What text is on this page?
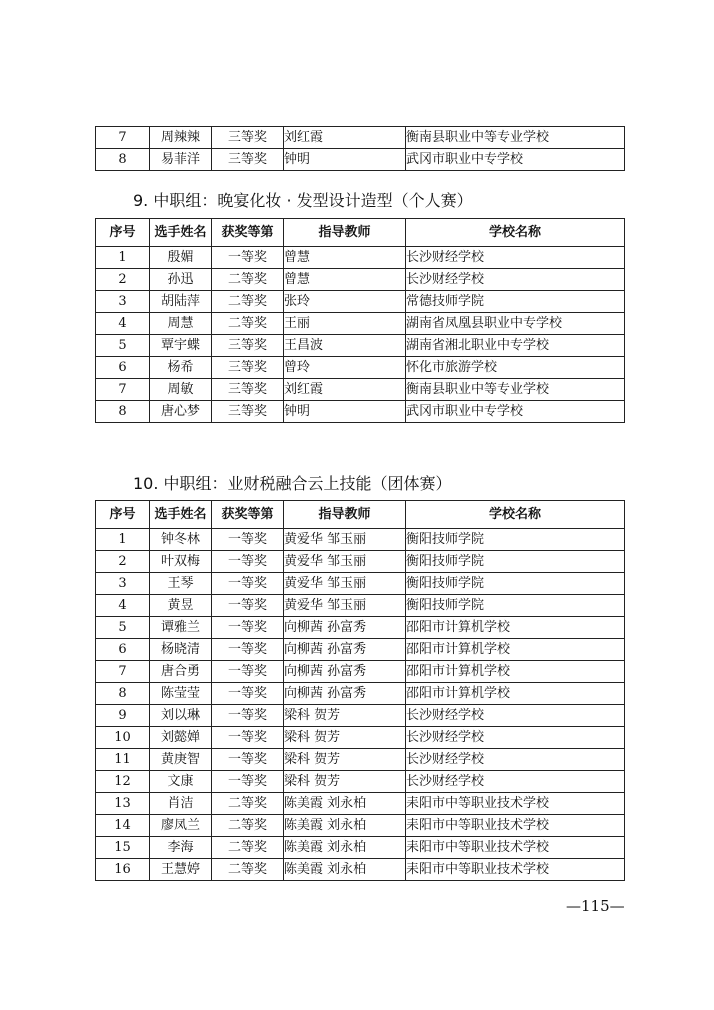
7	周辣辣	三等奖	刘红霞	衡南县职业中等专业学校
8	易菲洋	三等奖	钟明	武冈市职业中专学校
9. 中职组：晚宴化妆 · 发型设计造型（个人赛）
序号	选手姓名	获奖等第	指导教师	学校名称
1	殷媚	一等奖	曾慧	长沙财经学校
2	孙迅	二等奖	曾慧	长沙财经学校
3	胡陆萍	二等奖	张玲	常德技师学院
4	周慧	二等奖	王丽	湖南省凤凰县职业中专学校
5	覃宇蝶	三等奖	王昌波	湖南省湘北职业中专学校
6	杨希	三等奖	曾玲	怀化市旅游学校
7	周敏	三等奖	刘红霞	衡南县职业中等专业学校
8	唐心梦	三等奖	钟明	武冈市职业中专学校
10. 中职组：业财税融合云上技能（团体赛）
序号	选手姓名	获奖等第	指导教师	学校名称
1	钟冬林	一等奖	黄爱华 邹玉丽	衡阳技师学院
2	叶双梅	一等奖	黄爱华 邹玉丽	衡阳技师学院
3	王琴	一等奖	黄爱华 邹玉丽	衡阳技师学院
4	黄昱	一等奖	黄爱华 邹玉丽	衡阳技师学院
5	谭雅兰	一等奖	向柳茜 孙富秀	邵阳市计算机学校
6	杨晓清	一等奖	向柳茜 孙富秀	邵阳市计算机学校
7	唐合勇	一等奖	向柳茜 孙富秀	邵阳市计算机学校
8	陈莹莹	一等奖	向柳茜 孙富秀	邵阳市计算机学校
9	刘以琳	一等奖	梁科 贺芳	长沙财经学校
10	刘懿婵	一等奖	梁科 贺芳	长沙财经学校
11	黄庚智	一等奖	梁科 贺芳	长沙财经学校
12	文康	一等奖	梁科 贺芳	长沙财经学校
13	肖洁	二等奖	陈美霞 刘永柏	耒阳市中等职业技术学校
14	廖凤兰	二等奖	陈美霞 刘永柏	耒阳市中等职业技术学校
15	李海	二等奖	陈美霞 刘永柏	耒阳市中等职业技术学校
16	王慧婷	二等奖	陈美霞 刘永柏	耒阳市中等职业技术学校
—115—
